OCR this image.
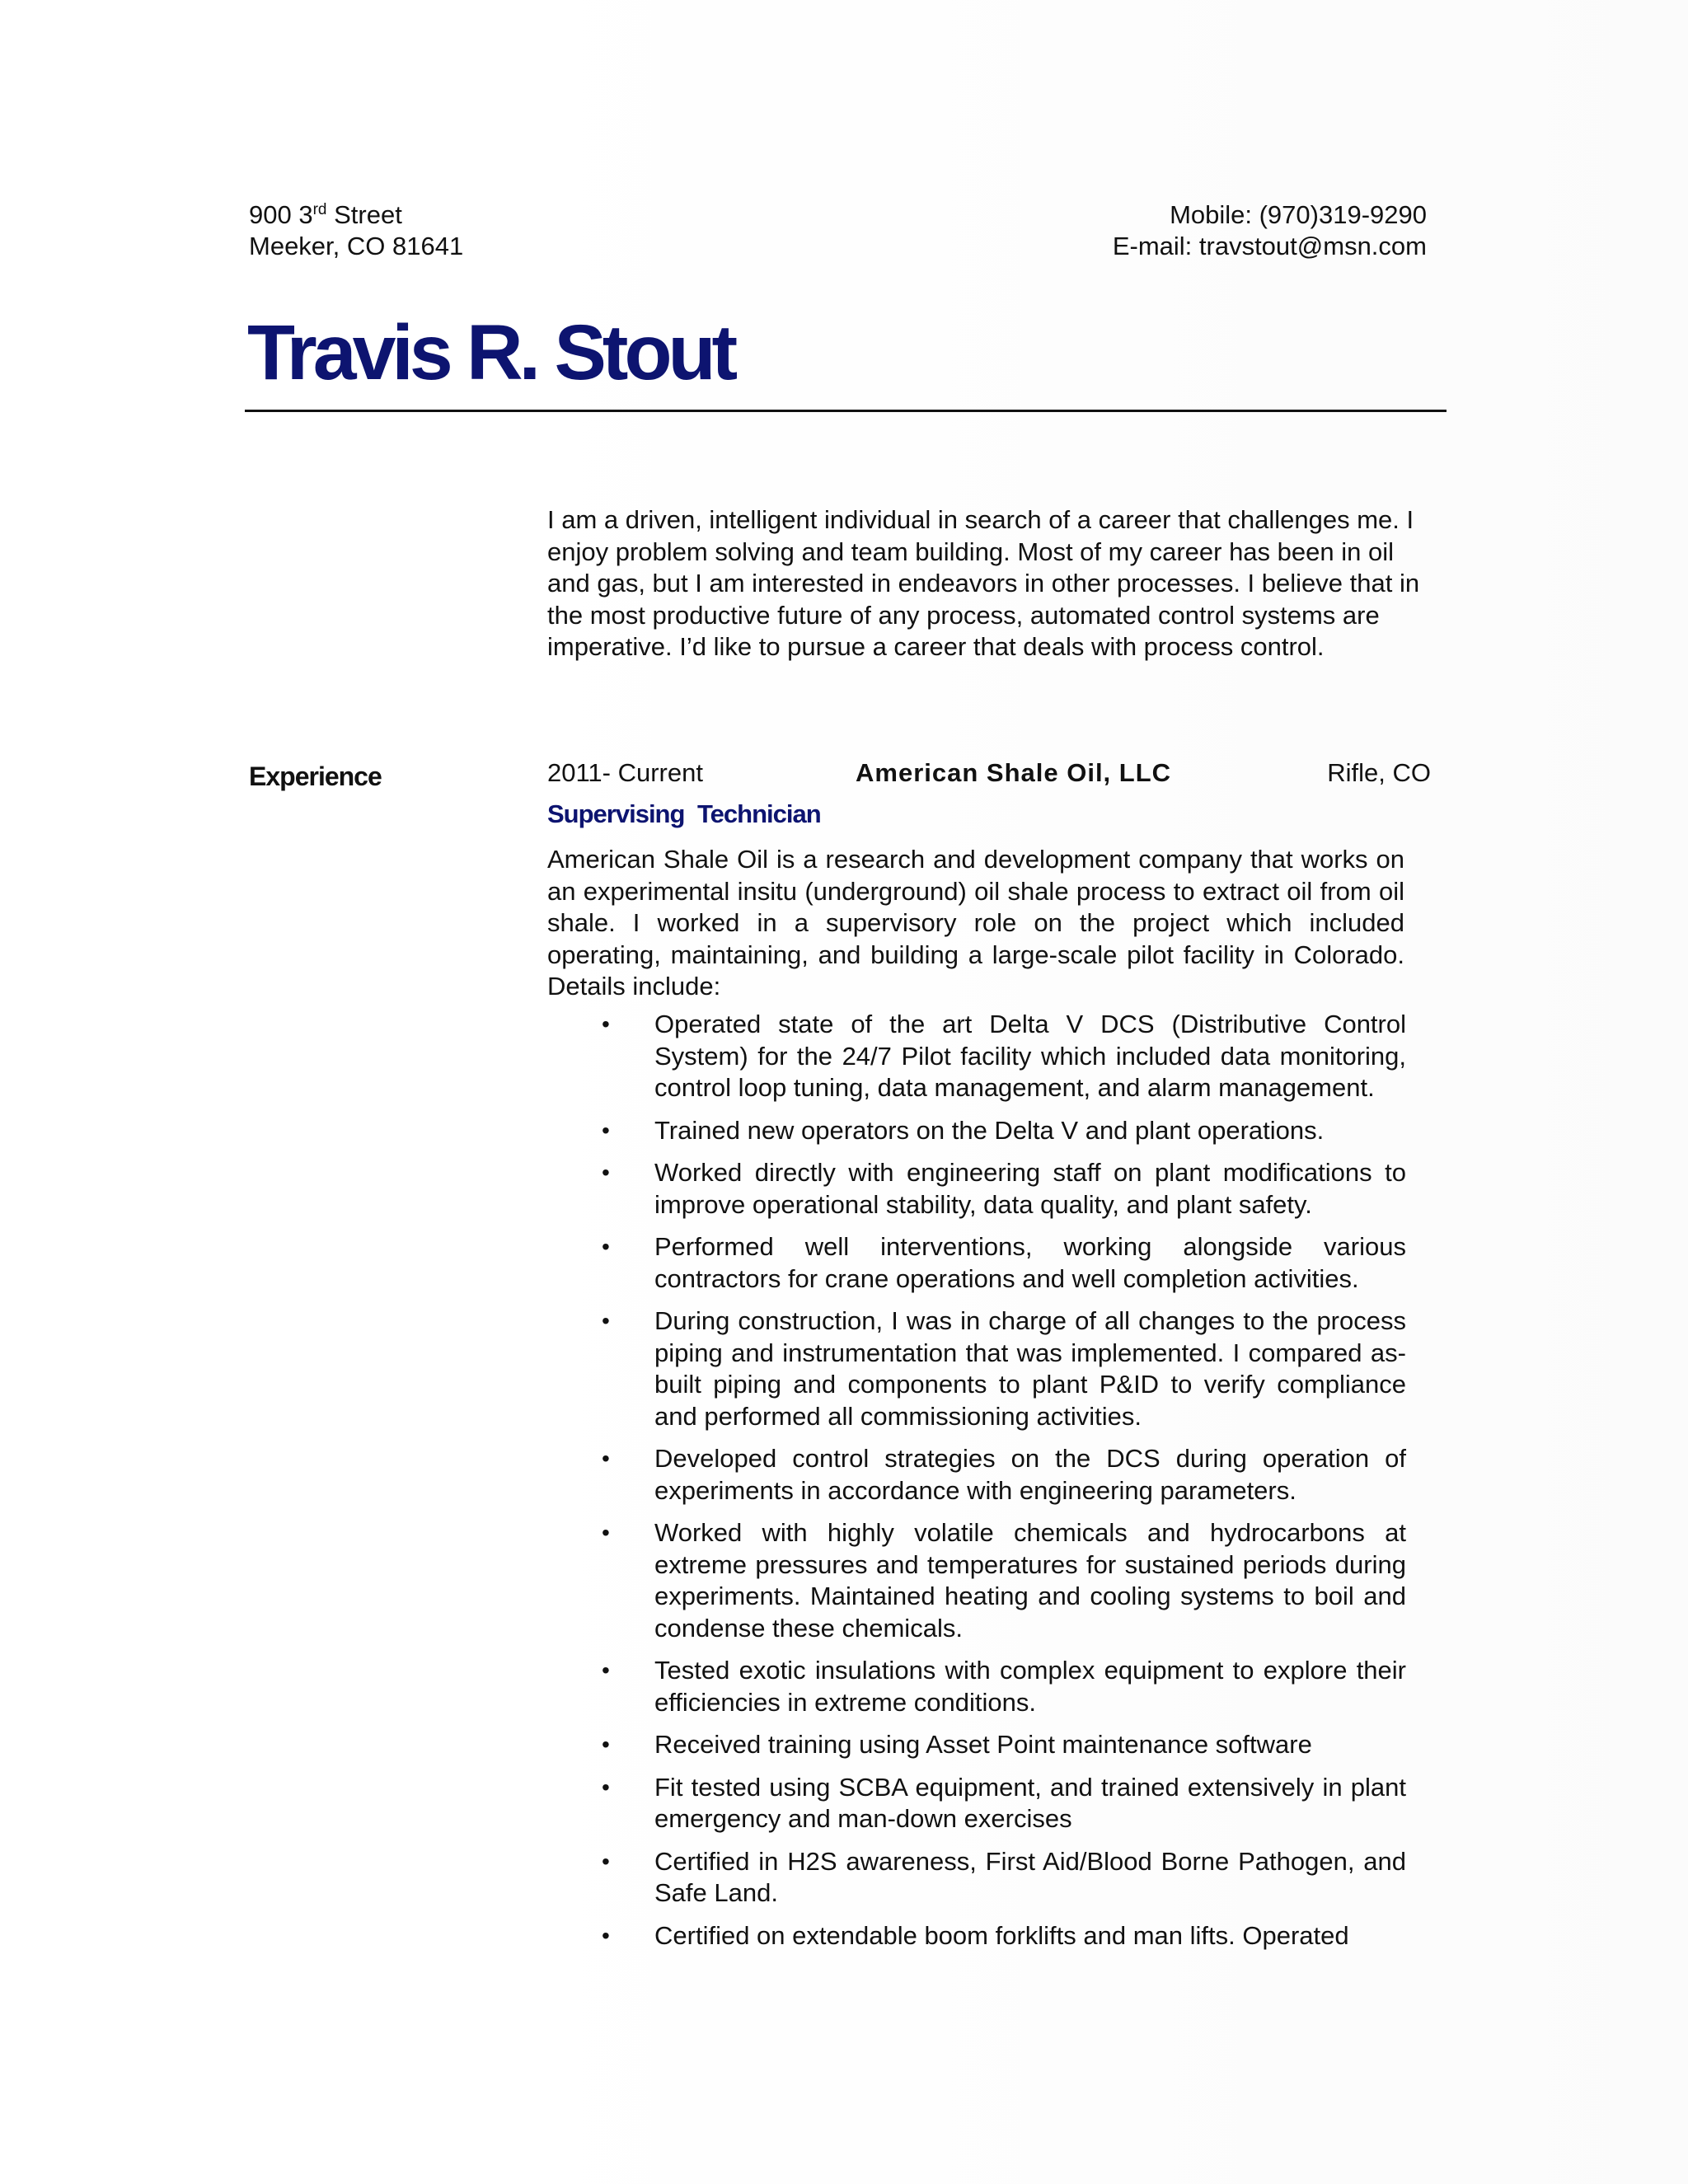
900 3rd Street
Meeker, CO 81641
Mobile: (970)319-9290
E-mail: travstout@msn.com
Travis R. Stout
I am a driven, intelligent individual in search of a career that challenges me. I enjoy problem solving and team building. Most of my career has been in oil and gas, but I am interested in endeavors in other processes. I believe that in the most productive future of any process, automated control systems are imperative. I’d like to pursue a career that deals with process control.
Experience	2011- Current	American Shale Oil, LLC	Rifle, CO
Supervising Technician

American Shale Oil is a research and development company that works on an experimental insitu (underground) oil shale process to extract oil from oil shale. I worked in a supervisory role on the project which included operating, maintaining, and building a large-scale pilot facility in Colorado. Details include:

• Operated state of the art Delta V DCS (Distributive Control System) for the 24/7 Pilot facility which included data monitoring, control loop tuning, data management, and alarm management.
• Trained new operators on the Delta V and plant operations.
• Worked directly with engineering staff on plant modifications to improve operational stability, data quality, and plant safety.
• Performed well interventions, working alongside various contractors for crane operations and well completion activities.
• During construction, I was in charge of all changes to the process piping and instrumentation that was implemented. I compared as-built piping and components to plant P&ID to verify compliance and performed all commissioning activities.
• Developed control strategies on the DCS during operation of experiments in accordance with engineering parameters.
• Worked with highly volatile chemicals and hydrocarbons at extreme pressures and temperatures for sustained periods during experiments. Maintained heating and cooling systems to boil and condense these chemicals.
• Tested exotic insulations with complex equipment to explore their efficiencies in extreme conditions.
• Received training using Asset Point maintenance software
• Fit tested using SCBA equipment, and trained extensively in plant emergency and man-down exercises
• Certified in H2S awareness, First Aid/Blood Borne Pathogen, and Safe Land.
• Certified on extendable boom forklifts and man lifts. Operated
